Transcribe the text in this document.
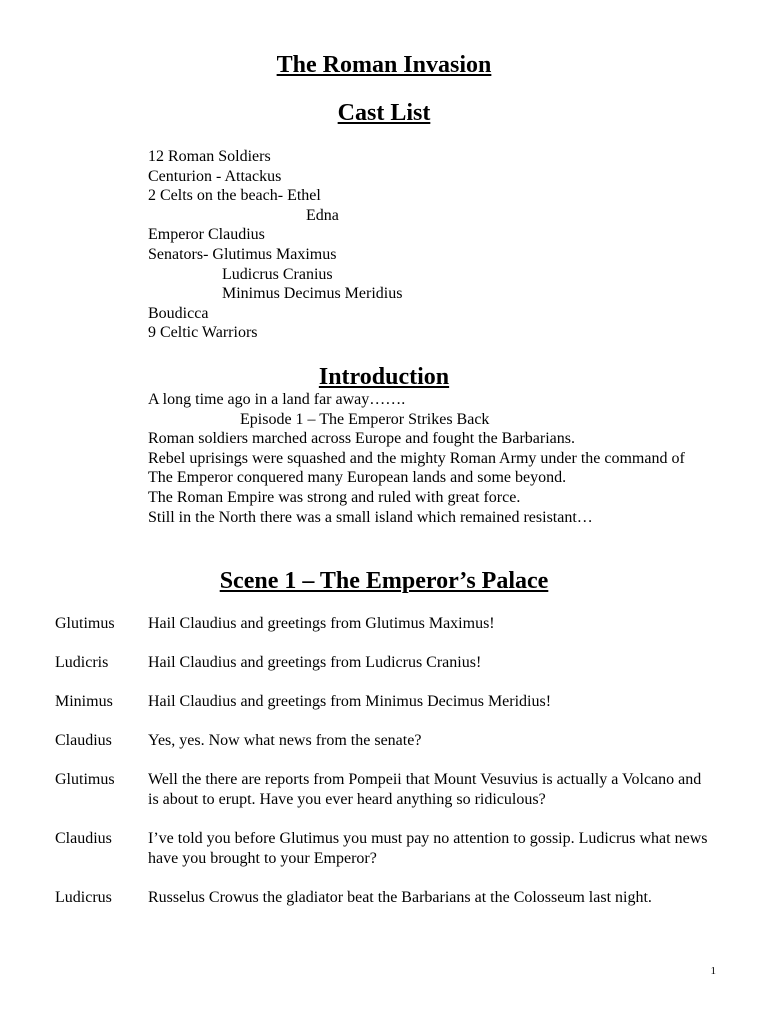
The Roman Invasion
Cast List
12 Roman Soldiers
Centurion - Attackus
2 Celts on the beach- Ethel
Edna
Emperor Claudius
Senators- Glutimus Maximus
Ludicrus Cranius
Minimus Decimus Meridius
Boudicca
9 Celtic Warriors
Introduction

A long time ago in a land far away…….

Episode 1 – The Emperor Strikes Back

Roman soldiers marched across Europe and fought the Barbarians.

Rebel uprisings were squashed and the mighty Roman Army under the command of The Emperor conquered many European lands and some beyond.

The Roman Empire was strong and ruled with great force.

Still in the North there was a small island which remained resistant…

Scene 1 – The Emperor’s Palace
Glutimus	Hail Claudius and greetings from Glutimus Maximus!
Ludicris	Hail Claudius and greetings from Ludicrus Cranius!
Minimus	Hail Claudius and greetings from Minimus Decimus Meridius!
Claudius	Yes, yes. Now what news from the senate?
Glutimus	Well the there are reports from Pompeii that Mount Vesuvius is actually a Volcano and is about to erupt. Have you ever heard anything so ridiculous?
Claudius	I’ve told you before Glutimus you must pay no attention to gossip. Ludicrus what news have you brought to your Emperor?
Ludicrus	Russelus Crowus the gladiator beat the Barbarians at the Colosseum last night.
1
